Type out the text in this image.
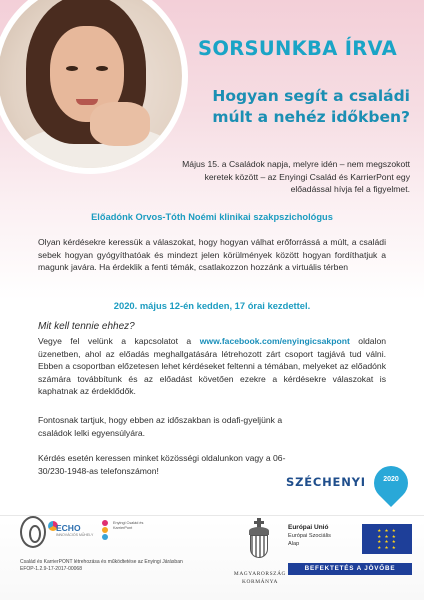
SORSUNKBA ÍRVA
Hogyan segít a családi múlt a nehéz időkben?
Május 15. a Családok napja, melyre idén – nem megszokott keretek között – az Enyingi Család és KarrierPont egy előadással hívja fel a figyelmet.
Előadónk Orvos-Tóth Noémi klinikai szakpszichológus
Olyan kérdésekre keressük a válaszokat, hogy hogyan válhat erőforrássá a múlt, a családi sebek hogyan gyógyíthatóak és mindezt jelen körülmények között hogyan fordíthatjuk a magunk javára. Ha érdeklik a fenti témák, csatlakozzon hozzánk a virtuális térben
2020. május 12-én kedden, 17 órai kezdettel.
Mit kell tennie ehhez?
Vegye fel velünk a kapcsolatot a www.facebook.com/enyingicsakpont oldalon üzenetben, ahol az előadás meghallgatására létrehozott zárt csoport tagjává tud válni. Ebben a csoportban előzetesen lehet kérdéseket feltenni a témában, melyeket az előadónk számára továbbítunk és az előadást követően ezekre a kérdésekre válaszokat is kaphatnak az érdeklődők.
Fontosnak tartjuk, hogy ebben az időszakban is odafi-gyeljünk a családok lelki egyensúlyára.
Kérdés esetén keressen minket közösségi oldalunkon vagy a 06-30/230-1948-as telefonszámon!
SZÉCHENYI	2020
ECHO
INNOVÁCIÓS MŰHELY
Enyingi Család és KarrierPont
Család és KarrierPONT létrehozása és működtetése az Enyingi Járásban EFOP-1.2.9-17-2017-00068
MAGYARORSZÁG
KORMÁNYA
Európai Unió
Európai Szociális
Alap
★ ★ ★ ★ ★ ★ ★ ★ ★ ★ ★ ★
BEFEKTETÉS A JÖVŐBE
